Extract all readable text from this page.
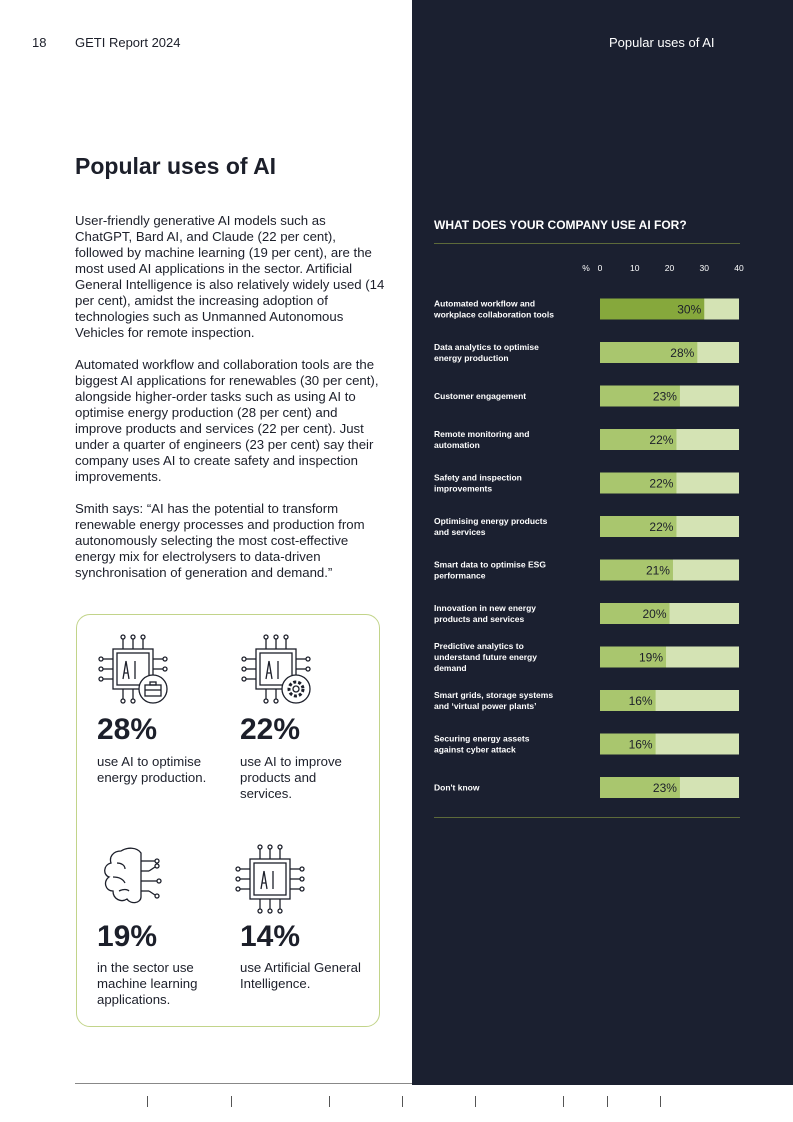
18 GETI Report 2024	Popular uses of AI
Popular uses of AI

User-friendly generative AI models such as ChatGPT, Bard AI, and Claude (22 per cent), followed by machine learning (19 per cent), are the most used AI applications in the sector. Artificial General Intelligence is also relatively widely used (14 per cent), amidst the increasing adoption of technologies such as Unmanned Autonomous Vehicles for remote inspection.

Automated workflow and collaboration tools are the biggest AI applications for renewables (30 per cent), alongside higher-order tasks such as using AI to optimise energy production (28 per cent) and improve products and services (22 per cent). Just under a quarter of engineers (23 per cent) say their company uses AI to create safety and inspection improvements.

Smith says: “AI has the potential to transform renewable energy processes and production from autonomously selecting the most cost-effective energy mix for electrolysers to data-driven synchronisation of generation and demand.”

28%
use AI to optimise energy production.
22%
use AI to improve products and services.
19%
in the sector use machine learning applications.
14%
use Artificial General Intelligence.
WHAT DOES YOUR COMPANY USE AI FOR?
% 0	10	20	30	40
30%
Automated workflow and workplace collaboration tools
28%
Data analytics to optimise energy production
23%
Customer engagement
22%
Remote monitoring and automation
22%
Safety and inspection improvements
22%
Optimising energy products and services
21%
Smart data to optimise ESG performance
20%
Innovation in new energy products and services
19%
Predictive analytics to understand future energy demand
16%
Smart grids, storage systems and ‘virtual power plants’
16%
Securing energy assets against cyber attack
23%
Don't know
